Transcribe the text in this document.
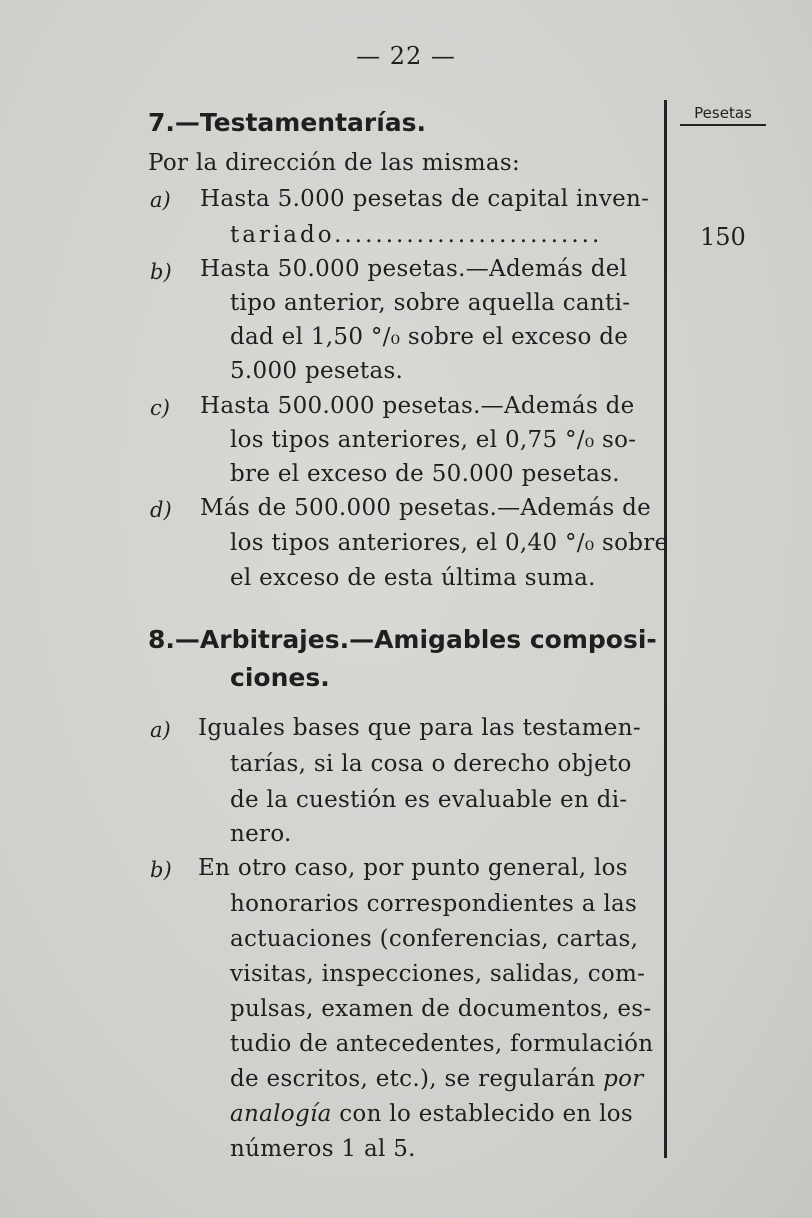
— 22 —
Pesetas
150
7.—Testamentarías.
Por la dirección de las mismas:
a) Hasta 5.000 pesetas de capital inven-
tariado..........................
b) Hasta 50.000 pesetas.—Además del
tipo anterior, sobre aquella canti-
dad el 1,50 °/₀ sobre el exceso de
5.000 pesetas.
c) Hasta 500.000 pesetas.—Además de
los tipos anteriores, el 0,75 °/₀ so-
bre el exceso de 50.000 pesetas.
d) Más de 500.000 pesetas.—Además de
los tipos anteriores, el 0,40 °/₀ sobre
el exceso de esta última suma.
8.—Arbitrajes.—Amigables composi-
ciones.
a) Iguales bases que para las testamen-
tarías, si la cosa o derecho objeto
de la cuestión es evaluable en di-
nero.
b) En otro caso, por punto general, los
honorarios correspondientes a las
actuaciones (conferencias, cartas,
visitas, inspecciones, salidas, com-
pulsas, examen de documentos, es-
tudio de antecedentes, formulación
de escritos, etc.), se regularán por
analogía con lo establecido en los
números 1 al 5.
